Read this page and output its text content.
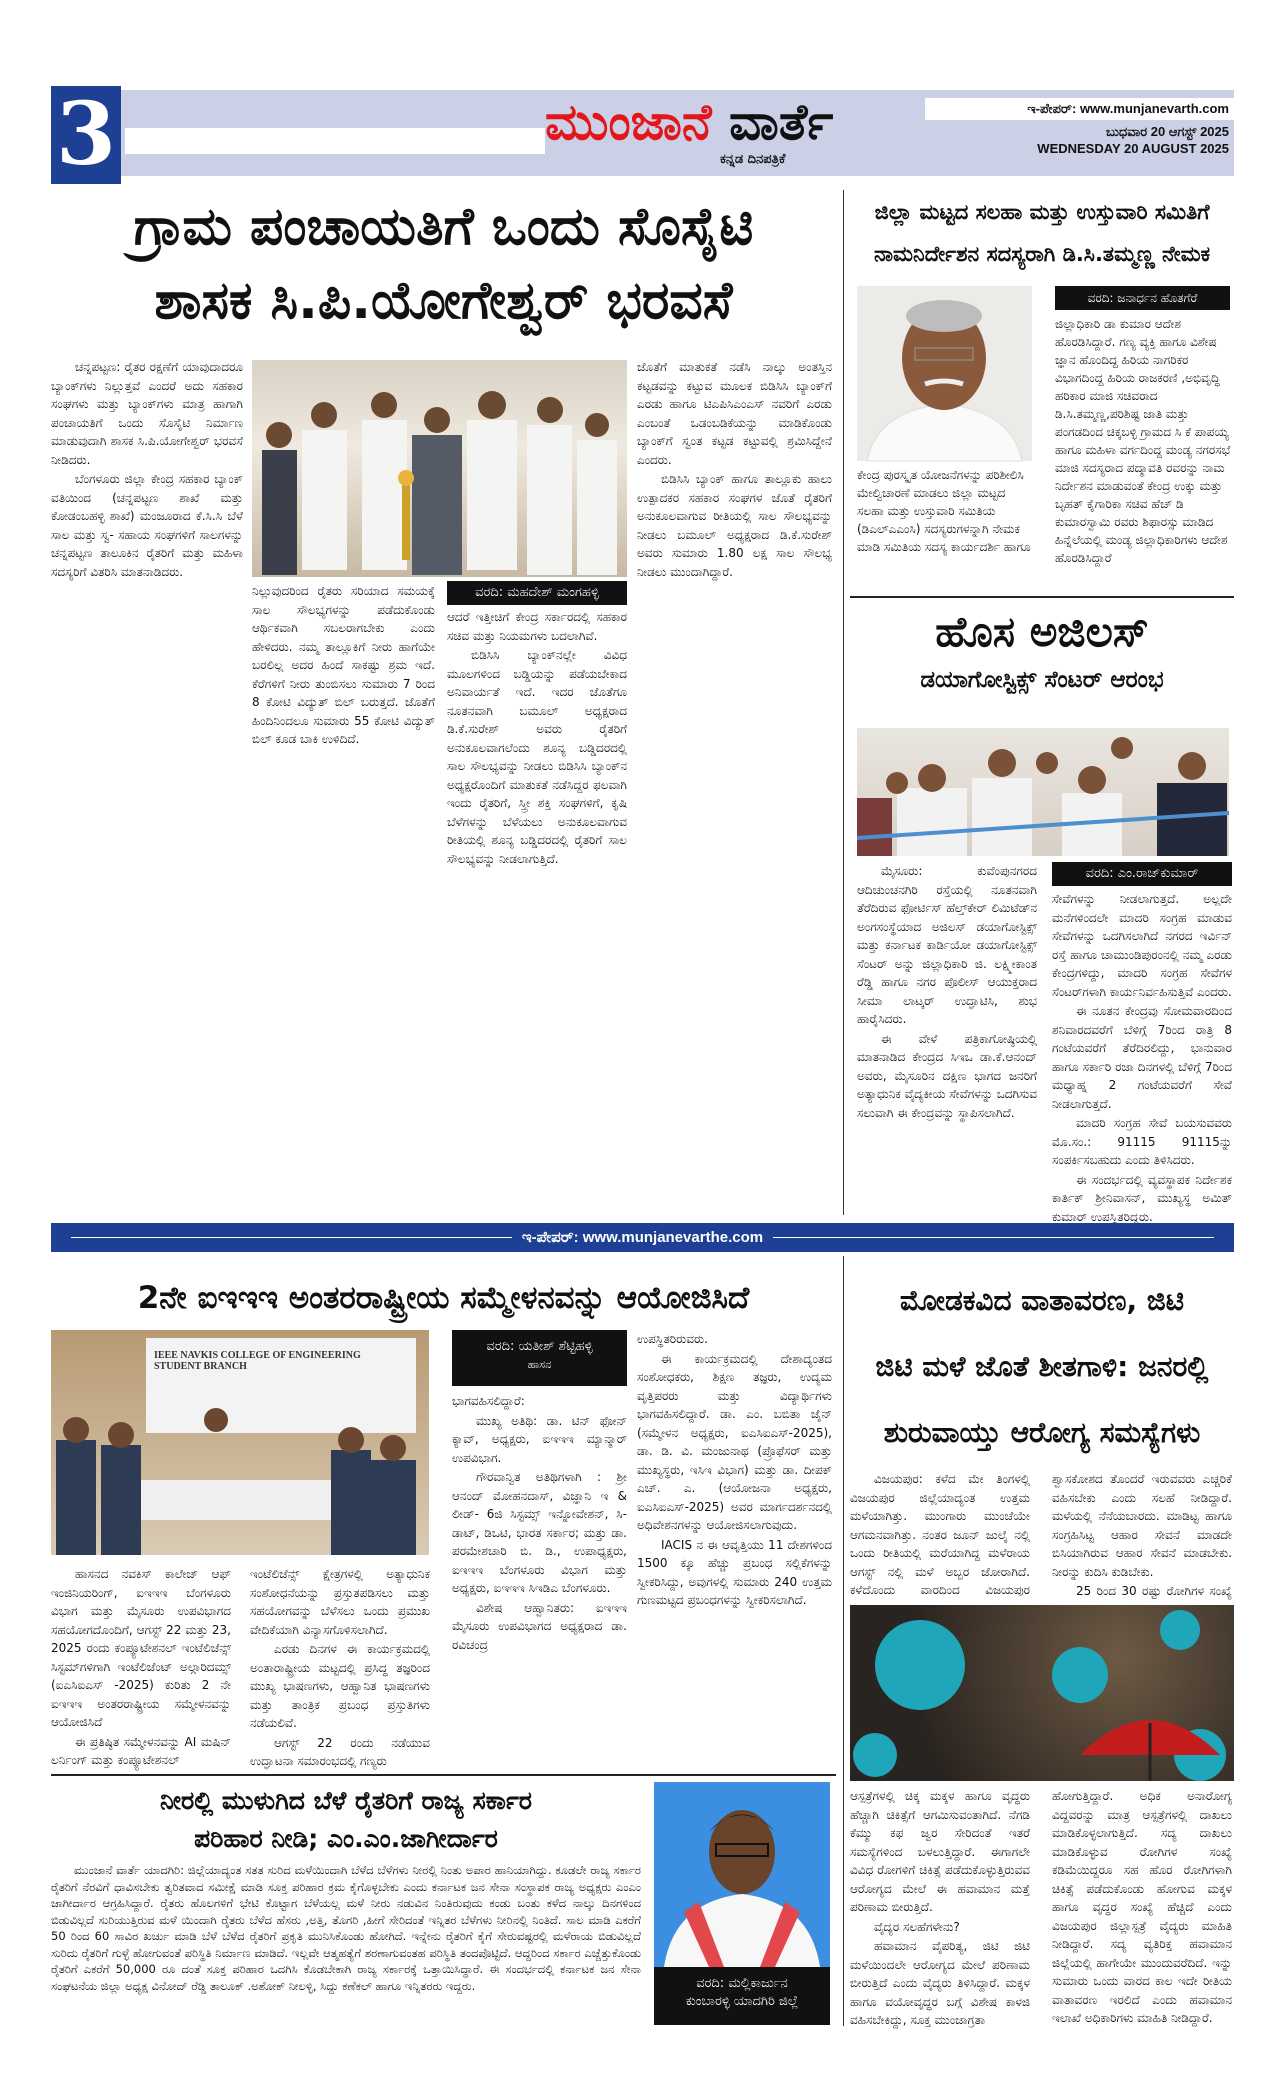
3	ಮುಂಜಾನೆ ವಾರ್ತೆ
ಕನ್ನಡ ದಿನಪತ್ರಿಕೆ
ಇ-ಪೇಪರ್: www.munjanevarth.com
ಬುಧವಾರ 20 ಆಗಸ್ಟ್ 2025
WEDNESDAY 20 AUGUST 2025
ಗ್ರಾಮ ಪಂಚಾಯತಿಗೆ ಒಂದು ಸೊಸೈಟಿ
ಶಾಸಕ ಸಿ.ಪಿ.ಯೋಗೇಶ್ವರ್ ಭರವಸೆ

ಚನ್ನಪಟ್ಟಣ: ರೈತರ ರಕ್ಷಣೆಗೆ ಯಾವುದಾದರೂ ಬ್ಯಾಂಕ್‌ಗಳು ನಿಲ್ಲುತ್ತವೆ ಎಂದರೆ ಅದು ಸಹಕಾರ ಸಂಘಗಳು ಮತ್ತು ಬ್ಯಾಂಕ್‌ಗಳು ಮಾತ್ರ ಹಾಗಾಗಿ ಪಂಚಾಯತಿಗೆ ಒಂದು ಸೊಸೈಟಿ ನಿರ್ಮಾಣ ಮಾಡುವುದಾಗಿ ಶಾಸಕ ಸಿ.ಪಿ.ಯೋಗೇಶ್ವರ್ ಭರವಸೆ ನೀಡಿದರು.

ಬೆಂಗಳೂರು ಜಿಲ್ಲಾ ಕೇಂದ್ರ ಸಹಕಾರ ಬ್ಯಾಂಕ್ ವತಿಯಿಂದ (ಚನ್ನಪಟ್ಟಣ ಶಾಖೆ ಮತ್ತು ಕೋಡಂಬಹಳ್ಳಿ ಶಾಖೆ) ಮಂಜೂರಾದ ಕೆ.ಸಿ.ಸಿ ಬೆಳೆ ಸಾಲ ಮತ್ತು ಸ್ವ- ಸಹಾಯ ಸಂಘಗಳಿಗೆ ಸಾಲಗಳನ್ನು ಚನ್ನಪಟ್ಟಣ ತಾಲೂಕಿನ ರೈತರಿಗೆ ಮತ್ತು ಮಹಿಳಾ ಸದಸ್ಯರಿಗೆ ವಿತರಿಸಿ ಮಾತನಾಡಿದರು.

ನಿಲ್ಲುವುದರಿಂದ ರೈತರು ಸರಿಯಾದ ಸಮಯಕ್ಕೆ ಸಾಲ ಸೌಲಭ್ಯಗಳನ್ನು ಪಡೆದುಕೊಂಡು ಆರ್ಥಿಕವಾಗಿ ಸಬಲರಾಗಬೇಕು ಎಂದು ಹೇಳಿದರು. ನಮ್ಮ ತಾಲ್ಲೂಕಿಗೆ ನೀರು ಹಾಗೆಯೇ ಬರಲಿಲ್ಲ ಅದರ ಹಿಂದೆ ಸಾಕಷ್ಟು ಶ್ರಮ ಇದೆ. ಕೆರೆಗಳಿಗೆ ನೀರು ತುಂಬಿಸಲು ಸುಮಾರು 7 ರಿಂದ 8 ಕೋಟಿ ವಿದ್ಯುತ್ ಬಿಲ್ ಬರುತ್ತದೆ. ಜೊತೆಗೆ ಹಿಂದಿನಿಂದಲೂ ಸುಮಾರು 55 ಕೋಟಿ ವಿದ್ಯುತ್ ಬಿಲ್ ಕೂಡ ಬಾಕಿ ಉಳಿದಿದೆ.

ವರದಿ: ಮಹದೇಶ್ ಮಂಗಹಳ್ಳಿ

ಆದರೆ ಇತ್ತೀಚಿಗೆ ಕೇಂದ್ರ ಸರ್ಕಾರದಲ್ಲಿ ಸಹಕಾರ ಸಚಿವ ಮತ್ತು ನಿಯಮಗಳು ಬದಲಾಗಿವೆ.

ಬಿಡಿಸಿಸಿ ಬ್ಯಾಂಕ್‌ನಲ್ಲೇ ವಿವಿಧ ಮೂಲಗಳಿಂದ ಬಡ್ಡಿಯನ್ನು ಪಡೆಯಬೇಕಾದ ಅನಿವಾರ್ಯತೆ ಇದೆ. ಇದರ ಜೊತೆಗೂ ನೂತನವಾಗಿ ಬಮೂಲ್ ಅಧ್ಯಕ್ಷರಾದ ಡಿ.ಕೆ.ಸುರೇಶ್ ಅವರು ರೈತರಿಗೆ ಅನುಕೂಲವಾಗಲೆಂದು ಶೂನ್ಯ ಬಡ್ಡಿದರದಲ್ಲಿ ಸಾಲ ಸೌಲಭ್ಯವನ್ನು ನೀಡಲು ಬಿಡಿಸಿಸಿ ಬ್ಯಾಂಕ್‌ನ ಅಧ್ಯಕ್ಷರೊಂದಿಗೆ ಮಾತುಕತೆ ನಡೆಸಿದ್ದರ ಫಲವಾಗಿ ಇಂದು ರೈತರಿಗೆ, ಸ್ತ್ರೀ ಶಕ್ತಿ ಸಂಘಗಳಿಗೆ, ಕೃಷಿ ಬೆಳೆಗಳನ್ನು ಬೆಳೆಯಲು ಅನುಕೂಲವಾಗುವ ರೀತಿಯಲ್ಲಿ ಶೂನ್ಯ ಬಡ್ಡಿದರದಲ್ಲಿ ರೈತರಿಗೆ ಸಾಲ ಸೌಲಭ್ಯವನ್ನು ನೀಡಲಾಗುತ್ತಿದೆ.

ಜೊತೆಗೆ ಮಾತುಕತೆ ನಡೆಸಿ ನಾಲ್ಕು ಅಂತಸ್ತಿನ ಕಟ್ಟಡವನ್ನು ಕಟ್ಟುವ ಮೂಲಕ ಬಿಡಿಸಿಸಿ ಬ್ಯಾಂಕ್‌ಗೆ ಎರಡು ಹಾಗೂ ಟಿಎಪಿಸಿಎಂಎಸ್ ನವರಿಗೆ ಎರಡು ಎಂಬಂತೆ ಒಡಂಬಡಿಕೆಯನ್ನು ಮಾಡಿಕೊಂಡು ಬ್ಯಾಂಕ್‌ಗೆ ಸ್ವಂತ ಕಟ್ಟಡ ಕಟ್ಟುವಲ್ಲಿ ಶ್ರಮಿಸಿದ್ದೇನೆ ಎಂದರು.

ಬಿಡಿಸಿಸಿ ಬ್ಯಾಂಕ್ ಹಾಗೂ ತಾಲ್ಲೂಕು ಹಾಲು ಉತ್ಪಾದಕರ ಸಹಕಾರ ಸಂಘಗಳ ಜೊತೆ ರೈತರಿಗೆ ಅನುಕೂಲವಾಗುವ ರೀತಿಯಲ್ಲಿ ಸಾಲ ಸೌಲಭ್ಯವನ್ನು ನೀಡಲು ಬಮೂಲ್ ಅಧ್ಯಕ್ಷರಾದ ಡಿ.ಕೆ.ಸುರೇಶ್ ಅವರು ಸುಮಾರು 1.80 ಲಕ್ಷ ಸಾಲ ಸೌಲಭ್ಯ ನೀಡಲು ಮುಂದಾಗಿದ್ದಾರೆ.

ಜಿಲ್ಲಾ ಮಟ್ಟದ ಸಲಹಾ ಮತ್ತು ಉಸ್ತುವಾರಿ ಸಮಿತಿಗೆ
ನಾಮನಿರ್ದೇಶನ ಸದಸ್ಯರಾಗಿ ಡಿ.ಸಿ.ತಮ್ಮಣ್ಣ ನೇಮಕ
ಕೇಂದ್ರ ಪುರಸ್ಕೃತ ಯೋಜನೆಗಳನ್ನು ಪರಿಶೀಲಿಸಿ ಮೇಲ್ವಿಚಾರಣೆ ಮಾಡಲು ಜಿಲ್ಲಾ ಮಟ್ಟದ ಸಲಹಾ ಮತ್ತು ಉಸ್ತುವಾರಿ ಸಮಿತಿಯ (ಡಿಎಲ್‌ಎಎಂಸಿ) ಸದಸ್ಯರುಗಳನ್ನಾಗಿ ನೇಮಕ ಮಾಡಿ ಸಮಿತಿಯ ಸದಸ್ಯ ಕಾರ್ಯದರ್ಶಿ ಹಾಗೂ
ವರದಿ: ಜನಾರ್ಧನ ಹೊತಗೆರೆ
ಜಿಲ್ಲಾಧಿಕಾರಿ ಡಾ ಕುಮಾರ ಆದೇಶ ಹೊರಡಿಸಿದ್ದಾರೆ. ಗಣ್ಯ ವ್ಯಕ್ತಿ ಹಾಗೂ ವಿಶೇಷ ಜ್ಞಾನ ಹೊಂದಿದ್ದ ಹಿರಿಯ ನಾಗರಿಕರ ವಿಭಾಗದಿಂದ್ದ ಹಿರಿಯ ರಾಜಕರಣಿ ,ಅಭಿವೃದ್ಧಿ ಹರಿಕಾರ ಮಾಜಿ ಸಚಿವರಾದ ಡಿ.ಸಿ.ತಮ್ಮಣ್ಣ,ಪರಿಶಿಷ್ಟ ಜಾತಿ ಮತ್ತು ಪಂಗಡದಿಂದ ಚಿಕ್ಕಬಳ್ಳಿ ಗ್ರಾಮದ ಸಿ ಕೆ ಪಾಪಯ್ಯ ಹಾಗೂ ಮಹಿಳಾ ವರ್ಗದಿಂದ್ದ ಮಂಡ್ಯ ನಗರಸಭೆ ಮಾಜಿ ಸದಸ್ಯರಾದ ಪದ್ಮಾವತಿ ರವರನ್ನು ನಾಮ ನಿರ್ದೇಶನ ಮಾಡುವಂತೆ ಕೇಂದ್ರ ಉಕ್ಕು ಮತ್ತು ಬೃಹತ್ ಕೈಗಾರಿಕಾ ಸಚಿವ ಹೆಚ್ ಡಿ ಕುಮಾರಸ್ವಾಮಿ ರವರು ಶಿಫಾರಸ್ಸು ಮಾಡಿದ ಹಿನ್ನೆಲೆಯಲ್ಲಿ ಮಂಡ್ಯ ಜಿಲ್ಲಾಧಿಕಾರಿಗಳು ಆದೇಶ ಹೊರಡಿಸಿದ್ದಾರೆ
ಹೊಸ ಅಜಿಲಸ್
ಡಯಾಗೋಸ್ಟಿಕ್ಸ್ ಸೆಂಟರ್ ಆರಂಭ

ಮೈಸೂರು: ಕುವೆಂಪುನಗರದ ಆದಿಚುಂಚನಗಿರಿ ರಸ್ತೆಯಲ್ಲಿ ನೂತನವಾಗಿ ತೆರೆದಿರುವ ಫೋರ್ಟಿಸ್ ಹೆಲ್ತ್‌ಕೇರ್ ಲಿಮಿಟೆಡ್‌ನ ಅಂಗಸಂಸ್ಥೆಯಾದ ಅಜಿಲಸ್ ಡಯಾಗೋಸ್ಟಿಕ್ಸ್ ಮತ್ತು ಕರ್ನಾಟಕ ಕಾರ್ಡಿಯೋ ಡಯಾಗೋಸ್ಟಿಕ್ಸ್ ಸೆಂಟರ್ ಅನ್ನು ಜಿಲ್ಲಾಧಿಕಾರಿ ಜಿ. ಲಕ್ಷ್ಮೀಕಾಂತ ರೆಡ್ಡಿ ಹಾಗೂ ನಗರ ಪೊಲೀಸ್ ಆಯುಕ್ತರಾದ ಸೀಮಾ ಲಾಟ್ಕರ್ ಉದ್ಘಾಟಿಸಿ, ಶುಭ ಹಾರೈಸಿದರು.

ಈ ವೇಳೆ ಪತ್ರಿಕಾಗೋಷ್ಠಿಯಲ್ಲಿ ಮಾತನಾಡಿದ ಕೇಂದ್ರದ ಸಿಇಒ ಡಾ.ಕೆ.ಆನಂದ್ ಅವರು, ಮೈಸೂರಿನ ದಕ್ಷಿಣ ಭಾಗದ ಜನರಿಗೆ ಅತ್ಯಾಧುನಿಕ ವೈದ್ಯಕೀಯ ಸೇವೆಗಳನ್ನು ಒದಗಿಸುವ ಸಲುವಾಗಿ ಈ ಕೇಂದ್ರವನ್ನು ಸ್ಥಾಪಿಸಲಾಗಿದೆ.

ವರದಿ: ಎಂ.ರಾಜ್‌ಕುಮಾರ್

ಸೇವೆಗಳನ್ನು ನೀಡಲಾಗುತ್ತದೆ. ಅಲ್ಲದೇ ಮನೆಗಳಿಂದಲೇ ಮಾದರಿ ಸಂಗ್ರಹ ಮಾಡುವ ಸೇವೆಗಳನ್ನು ಒದಗಿಸಲಾಗಿದೆ ನಗರದ ಇರ್ವಿನ್ ರಸ್ತೆ ಹಾಗೂ ಚಾಮುಂಡಿಪುರಂನಲ್ಲಿ ನಮ್ಮ ಎರಡು ಕೇಂದ್ರಗಳಿದ್ದು, ಮಾದರಿ ಸಂಗ್ರಹ ಸೇವೆಗಳ ಸೆಂಟರ್‌ಗಳಾಗಿ ಕಾರ್ಯನಿರ್ವಹಿಸುತ್ತಿವೆ ಎಂದರು.

ಈ ನೂತನ ಕೇಂದ್ರವು ಸೋಮವಾರದಿಂದ ಶನಿವಾರದವರೆಗೆ ಬೆಳಿಗ್ಗೆ 7ರಿಂದ ರಾತ್ರಿ 8 ಗಂಟೆಯವರೆಗೆ ತೆರೆದಿರಲಿದ್ದು, ಭಾನುವಾರ ಹಾಗೂ ಸರ್ಕಾರಿ ರಜಾ ದಿನಗಳಲ್ಲಿ ಬೆಳಿಗ್ಗೆ 7ರಿಂದ ಮಧ್ಯಾಹ್ನ 2 ಗಂಟೆಯವರೆಗೆ ಸೇವೆ ನೀಡಲಾಗುತ್ತದೆ.

ಮಾದರಿ ಸಂಗ್ರಹ ಸೇವೆ ಬಯಸುವವರು ಮೊ.ಸಂ.: 91115 91115ನ್ನು ಸಂಪರ್ಕಿಸಬಹುದು ಎಂದು ತಿಳಿಸಿದರು.

ಈ ಸಂದರ್ಭದಲ್ಲಿ ವ್ಯವಸ್ಥಾಪಕ ನಿರ್ದೇಶಕ ಕಾರ್ತಿಕ್ ಶ್ರೀನಿವಾಸನ್, ಮುಖ್ಯಸ್ಥ ಅಮಿತ್ ಕುಮಾರ್ ಉಪಸ್ಥಿತರಿದ್ದರು.

ಇ-ಪೇಪರ್: www.munjanevarthe.com
2ನೇ ಐಇಇಇ ಅಂತರರಾಷ್ಟ್ರೀಯ ಸಮ್ಮೇಳನವನ್ನು ಆಯೋಜಿಸಿದೆ
IEEE NAVKIS COLLEGE OF ENGINEERING STUDENT BRANCH

ಹಾಸನದ ನವಕಿಸ್ ಕಾಲೇಜ್ ಆಫ್ ಇಂಜಿನಿಯರಿಂಗ್, ಐಇಇಇ ಬೆಂಗಳೂರು ವಿಭಾಗ ಮತ್ತು ಮೈಸೂರು ಉಪವಿಭಾಗದ ಸಹಯೋಗದೊಂದಿಗೆ, ಆಗಸ್ಟ್ 22 ಮತ್ತು 23, 2025 ರಂದು ಕಂಪ್ಯೂಟೇಶನಲ್ ಇಂಟೆಲಿಜೆನ್ಸ್ ಸಿಸ್ಟಮ್‌ಗಳಿಗಾಗಿ ಇಂಟೆಲಿಜೆಂಟ್ ಅಲ್ಗಾರಿದಮ್ಸ್ (ಐಎಸಿಐಎಸ್ -2025) ಕುರಿತು 2 ನೇ ಐಇಇಇ ಅಂತರರಾಷ್ಟ್ರೀಯ ಸಮ್ಮೇಳನವನ್ನು ಆಯೋಜಿಸಿದೆ

ಈ ಪ್ರತಿಷ್ಠಿತ ಸಮ್ಮೇಳನವನ್ನು AI ಮಷಿನ್ ಲರ್ನಿಂಗ್ ಮತ್ತು ಕಂಪ್ಯೂಟೇಶನಲ್

ಇಂಟೆಲಿಜೆನ್ಸ್ ಕ್ಷೇತ್ರಗಳಲ್ಲಿ ಅತ್ಯಾಧುನಿಕ ಸಂಶೋಧನೆಯನ್ನು ಪ್ರಸ್ತುತಪಡಿಸಲು ಮತ್ತು ಸಹಯೋಗವನ್ನು ಬೆಳೆಸಲು ಒಂದು ಪ್ರಮುಖ ವೇದಿಕೆಯಾಗಿ ವಿನ್ಯಾಸಗೊಳಿಸಲಾಗಿದೆ.

ಎರಡು ದಿನಗಳ ಈ ಕಾರ್ಯಕ್ರಮದಲ್ಲಿ ಅಂತಾರಾಷ್ಟ್ರೀಯ ಮಟ್ಟದಲ್ಲಿ ಪ್ರಸಿದ್ಧ ತಜ್ಞರಿಂದ ಮುಖ್ಯ ಭಾಷಣಗಳು, ಆಹ್ವಾನಿತ ಭಾಷಣಗಳು ಮತ್ತು ತಾಂತ್ರಿಕ ಪ್ರಬಂಧ ಪ್ರಸ್ತುತಿಗಳು ನಡೆಯಲಿವೆ.

ಆಗಸ್ಟ್ 22 ರಂದು ನಡೆಯುವ ಉದ್ಘಾಟನಾ ಸಮಾರಂಭದಲ್ಲಿ ಗಣ್ಯರು

ವರದಿ: ಯತೀಶ್ ಶೆಟ್ಟಿಹಳ್ಳಿ
ಹಾಸನ

ಭಾಗವಹಿಸಲಿದ್ದಾರೆ:

ಮುಖ್ಯ ಅತಿಥಿ: ಡಾ. ಟಿನ್ ಫೋನ್ ಕ್ಯಾವ್, ಅಧ್ಯಕ್ಷರು, ಐಇಇಇ ಮ್ಯಾನ್ಮಾರ್ ಉಪವಿಭಾಗ.

ಗೌರವಾನ್ವಿತ ಅತಿಥಿಗಳಾಗಿ : ಶ್ರೀ ಆನಂದ್ ಮೋಹನದಾಸ್, ವಿಜ್ಞಾನಿ ಇ & ಲೀಡ್- 6ಜಿ ಸಿಸ್ಟಮ್ಸ್ ಇನ್ನೋವೇಶನ್, ಸಿ-ಡಾಟ್, ಡಿಒಟಿ, ಭಾರತ ಸರ್ಕಾರ; ಮತ್ತು ಡಾ. ಪರಮೇಶಚಾರಿ ಬಿ. ಡಿ., ಉಪಾಧ್ಯಕ್ಷರು, ಐಇಇಇ ಬೆಂಗಳೂರು ವಿಭಾಗ ಮತ್ತು ಅಧ್ಯಕ್ಷರು, ಐಇಇಇ ಸಿಇಡಿಎ ಬೆಂಗಳೂರು.

ವಿಶೇಷ ಆಹ್ವಾನಿತರು: ಐಇಇಇ ಮೈಸೂರು ಉಪವಿಭಾಗದ ಅಧ್ಯಕ್ಷರಾದ ಡಾ. ರವಿಚಂದ್ರ

ಉಪಸ್ಥಿತರಿರುವರು.

ಈ ಕಾರ್ಯಕ್ರಮದಲ್ಲಿ ದೇಶಾದ್ಯಂತದ ಸಂಶೋಧಕರು, ಶಿಕ್ಷಣ ತಜ್ಞರು, ಉದ್ಯಮ ವೃತ್ತಿಪರರು ಮತ್ತು ವಿದ್ಯಾರ್ಥಿಗಳು ಭಾಗವಹಿಸಲಿದ್ದಾರೆ. ಡಾ. ಎಂ. ಬಬಿತಾ ಜೈನ್ (ಸಮ್ಮೇಳನ ಅಧ್ಯಕ್ಷರು, ಐಎಸಿಐಎಸ್-2025), ಡಾ. ಡಿ. ವಿ. ಮಂಜುನಾಥ (ಪ್ರೊಫೆಸರ್ ಮತ್ತು ಮುಖ್ಯಸ್ಥರು, ಇಸಿಇ ವಿಭಾಗ) ಮತ್ತು ಡಾ. ದೀಪಕ್ ಎಚ್. ಎ. (ಆಯೋಜನಾ ಅಧ್ಯಕ್ಷರು, ಐಎಸಿಐಎಸ್-2025) ಅವರ ಮಾರ್ಗದರ್ಶನದಲ್ಲಿ ಅಧಿವೇಶನಗಳನ್ನು ಆಯೋಜಿಸಲಾಗುವುದು.

IACIS ನ ಈ ಆವೃತ್ತಿಯು 11 ದೇಶಗಳಿಂದ 1500 ಕ್ಕೂ ಹೆಚ್ಚು ಪ್ರಬಂಧ ಸಲ್ಲಿಕೆಗಳನ್ನು ಸ್ವೀಕರಿಸಿದ್ದು, ಅವುಗಳಲ್ಲಿ ಸುಮಾರು 240 ಉತ್ತಮ ಗುಣಮಟ್ಟದ ಪ್ರಬಂಧಗಳನ್ನು ಸ್ವೀಕರಿಸಲಾಗಿದೆ.

ಮೋಡಕವಿದ ವಾತಾವರಣ, ಜಿಟಿ
ಜಿಟಿ ಮಳೆ ಜೊತೆ ಶೀತಗಾಳಿ: ಜನರಲ್ಲಿ
ಶುರುವಾಯ್ತು ಆರೋಗ್ಯ ಸಮಸ್ಯೆಗಳು

ವಿಜಯಪುರ: ಕಳೆದ ಮೇ ತಿಂಗಳಲ್ಲಿ ವಿಜಯಪುರ ಜಿಲ್ಲೆಯಾದ್ಯಂತ ಉತ್ತಮ ಮಳೆಯಾಗಿತ್ತು. ಮುಂಗಾರು ಮುಂಚೆಯೇ ಆಗಮನವಾಗಿತ್ತು. ನಂತರ ಜೂನ್ ಜುಲೈ ನಲ್ಲಿ ಒಂದು ರೀತಿಯಲ್ಲಿ ಮರೆಯಾಗಿದ್ದ ಮಳೆರಾಯ ಆಗಸ್ಟ್ ನಲ್ಲಿ ಮಳೆ ಅಬ್ಬರ ಜೋರಾಗಿದೆ. ಕಳೆದೊಂದು ವಾರದಿಂದ ವಿಜಯಪುರ

ಶ್ವಾಸಕೋಶದ ತೊಂದರೆ ಇರುವವರು ಎಚ್ಚರಿಕೆ ವಹಿಸಬೇಕು ಎಂದು ಸಲಹೆ ನೀಡಿದ್ದಾರೆ. ಮಳೆಯಲ್ಲಿ ನೆನೆಯಬಾರದು. ಮಾಡಿಟ್ಟ ಹಾಗೂ ಸಂಗ್ರಹಿಸಿಟ್ಟ ಆಹಾರ ಸೇವನೆ ಮಾಡದೇ ಬಿಸಿಯಾಗಿರುವ ಆಹಾರ ಸೇವನೆ ಮಾಡಬೇಕು. ನೀರನ್ನು ಕುದಿಸಿ ಕುಡಿಬೇಕು.

25 ರಿಂದ 30 ರಷ್ಟು ರೋಗಿಗಳ ಸಂಖ್ಯೆ

ಆಸ್ಪತ್ರೆಗಳಲ್ಲಿ ಚಿಕ್ಕ ಮಕ್ಕಳ ಹಾಗೂ ವೃದ್ಧರು ಹೆಚ್ಚಾಗಿ ಚಿಕಿತ್ಸೆಗೆ ಆಗಮಿಸುವಂತಾಗಿದೆ. ನೆಗಡಿ ಕೆಮ್ಮು ಕಫ ಜ್ವರ ಸೇರಿದಂತೆ ಇತರೆ ಸಮಸ್ಯೆಗಳಿಂದ ಬಳಲುತ್ತಿದ್ದಾರೆ. ಈಗಾಗಲೇ ವಿವಿಧ ರೋಗಳಿಗೆ ಚಿಕಿತ್ಸೆ ಪಡೆದುಕೊಳ್ಳುತ್ತಿರುವವ ಆರೋಗ್ಯದ ಮೇಲೆ ಈ ಹವಾಮಾನ ಮತ್ತೆ ಪರಿಣಾಮ ಬೀರುತ್ತಿದೆ.

ವೈದ್ಯರ ಸಲಹೆಗಳೇನು?

ಹವಾಮಾನ ವೈಪರಿತ್ಯ, ಜಿಟಿ ಜಿಟಿ ಮಳೆಯಿಂದಲೇ ಆರೋಗ್ಯದ ಮೇಲೆ ಪರಿಣಾಮ ಬೀರುತ್ತಿದೆ ಎಂದು ವೈದ್ಯರು ತಿಳಿಸಿದ್ದಾರೆ. ಮಕ್ಕಳ ಹಾಗೂ ವಯೋವೃದ್ಧರ ಬಗ್ಗೆ ವಿಶೇಷ ಕಾಳಜಿ ವಹಿಸಬೇಕಿದ್ದು, ಸೂಕ್ತ ಮುಂಜಾಗ್ರತಾ

ಹೋಗುತ್ತಿದ್ದಾರೆ. ಅಧಿಕ ಅನಾರೋಗ್ಯ ವಿದ್ದವರನ್ನು ಮಾತ್ರ ಆಸ್ಪತ್ರೆಗಳಲ್ಲಿ ದಾಖಲು ಮಾಡಿಕೊಳ್ಳಲಾಗುತ್ತಿದೆ. ಸದ್ಯ ದಾಖಲು ಮಾಡಿಕೊಳ್ಳುವ ರೋಗಿಗಳ ಸಂಖ್ಯೆ ಕಡಿಮೆಯಿದ್ದರೂ ಸಹ ಹೊರ ರೋಗಿಗಳಾಗಿ ಚಿಕಿತ್ಸೆ ಪಡೆದುಕೊಂಡು ಹೋಗುವ ಮಕ್ಕಳ ಹಾಗೂ ವೃದ್ಧರ ಸಂಖ್ಯೆ ಹೆಚ್ಚಿದೆ ಎಂದು ವಿಜಯಪುರ ಜಿಲ್ಲಾಸ್ಪತ್ರೆ ವೈದ್ಯರು ಮಾಹಿತಿ ನೀಡಿದ್ದಾರೆ. ಸದ್ಯ ವ್ಯತಿರಿಕ್ತ ಹವಾಮಾನ ಜಿಲ್ಲೆಯಲ್ಲಿ ಹಾಗೇಯೇ ಮುಂದುವರೆದಿದೆ. ಇನ್ನು ಸುಮಾರು ಒಂದು ವಾರದ ಕಾಲ ಇದೇ ರೀತಿಯ ವಾತಾವರಣ ಇರಲಿದೆ ಎಂದು ಹವಾಮಾನ ಇಲಾಖೆ ಅಧಿಕಾರಿಗಳು ಮಾಹಿತಿ ನೀಡಿದ್ದಾರೆ.

ನೀರಲ್ಲಿ ಮುಳುಗಿದ ಬೆಳೆ ರೈತರಿಗೆ ರಾಜ್ಯ ಸರ್ಕಾರ
ಪರಿಹಾರ ನೀಡಿ; ಎಂ.ಎಂ.ಜಾಗೀರ್ದಾರ

ಮುಂಜಾನೆ ವಾರ್ತೆ ಯಾದಗಿರಿ: ಜಿಲ್ಲೆಯಾದ್ಯಂತ ಸತತ ಸುರಿದ ಮಳೆಯಿಂದಾಗಿ ಬೆಳೆದ ಬೆಳೆಗಳು ನೀರಲ್ಲಿ ನಿಂತು ಅಪಾರ ಹಾನಿಯಾಗಿದ್ದು. ಕೂಡಲೇ ರಾಜ್ಯ ಸರ್ಕಾರ ರೈತರಿಗೆ ನೆರವಿಗೆ ಧಾವಿಸಬೇಕು ತ್ವರಿತವಾದ ಸಮೀಕ್ಷೆ ಮಾಡಿ ಸೂಕ್ತ ಪರಿಹಾರ ಕ್ರಮ ಕೈಗೊಳ್ಳಬೇಕು ಎಂದು ಕರ್ನಾಟಕ ಜನ ಸೇನಾ ಸಂಸ್ಥಾಪಕ ರಾಜ್ಯ ಅಧ್ಯಕ್ಷರು ಎಂಎಂ ಜಾಗೀರ್ದಾರ ಆಗ್ರಹಿಸಿದ್ದಾರೆ. ರೈತರು ಹೊಲಗಳಿಗೆ ಭೇಟಿ ಕೊಟ್ಟಾಗ ಬೆಳೆಯಲ್ಲ ಮಳೆ ನೀರು ನಡುವಿನ ನಿಂತಿರುವುದು ಕಂಡು ಬಂತು ಕಳೆದ ನಾಲ್ಕು ದಿನಗಳಿಂದ ಬಿಡುವಿಲ್ಲದೆ ಸುರಿಯುತ್ತಿರುವ ಮಳೆ ಯಿಂದಾಗಿ ರೈತರು ಬೆಳೆದ ಹೆಸರು ,ಅತ್ತಿ, ತೊಗರಿ ,ಹೀಗೆ ಸೇರಿದಂತೆ ಇನ್ನಿತರ ಬೆಳೆಗಳು ನೀರಿನಲ್ಲಿ ನಿಂತಿದೆ. ಸಾಲ ಮಾಡಿ ಎಕರೆಗೆ 50 ರಿಂದ 60 ಸಾವಿರ ಖರ್ಚು ಮಾಡಿ ಬೆಳೆ ಬೆಳೆದ ರೈತರಿಗೆ ಪ್ರಕೃತಿ ಮುನಿಸಿಕೊಂಡು ಹೋಗಿದೆ. ಇನ್ನೇನು ರೈತರಿಗೆ ಕೈಗೆ ಸೇರುವಷ್ಟರಲ್ಲಿ ಮಳೆರಾಯ ಬಿಡುವಿಲ್ಲದೆ ಸುರಿದು ರೈತರಿಗೆ ಗುಳ್ಳೆ ಹೋಗುವಂತೆ ಪರಿಸ್ಥಿತಿ ನಿರ್ಮಾಣ ಮಾಡಿದೆ. ಇಲ್ಲವೇ ಆತ್ಮಹತ್ಯೆಗೆ ಶರಣಾಗುವಂತಹ ಪರಿಸ್ಥಿತಿ ತಂದಪೊಟ್ಟಿದೆ. ಆದ್ದರಿಂದ ಸರ್ಕಾರ ಎಚ್ಚೆತ್ತುಕೊಂಡು ರೈತರಿಗೆ ಎಕರೆಗೆ 50,000 ರೂ ದಂತೆ ಸೂಕ್ತ ಪರಿಹಾರ ಒದಗಿಸಿ ಕೊಡಬೇಕಾಗಿ ರಾಜ್ಯ ಸರ್ಕಾರಕ್ಕೆ ಒತ್ತಾಯಿಸಿದ್ದಾರೆ. ಈ ಸಂದರ್ಭದಲ್ಲಿ ಕರ್ನಾಟಕ ಜನ ಸೇನಾ ಸಂಘಟನೆಯ ಜಿಲ್ಲಾ ಅಧ್ಯಕ್ಷ ವಿನೋದ್ ರೆಡ್ಡಿ ತಾಲೂಕ್ .ಅಶೋಕ್ ನೀಲಳ್ಳಿ, ಸಿದ್ದು ಕಣೆಕಲ್ ಹಾಗೂ ಇನ್ನಿತರರು ಇದ್ದರು.	ವರದಿ: ಮಲ್ಲಿಕಾರ್ಜುನ
ಕುಂಬಾರಳ್ಳಿ ಯಾದಗಿರಿ ಜಿಲ್ಲೆ
